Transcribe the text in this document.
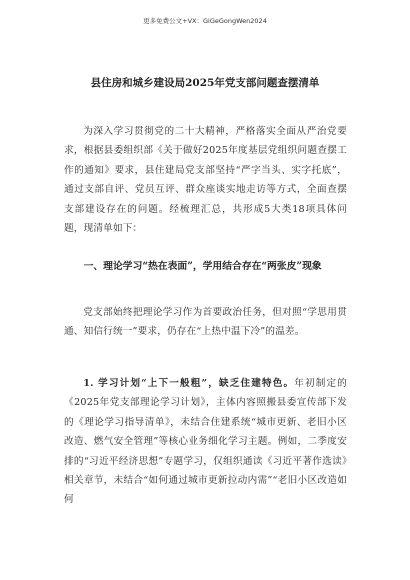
更多免费公文+VX：GiGeGongWen2024
县住房和城乡建设局2025年党支部问题查摆清单

为深入学习贯彻党的二十大精神，严格落实全面从严治党要求，根据县委组织部《关于做好2025年度基层党组织问题查摆工作的通知》要求，县住建局党支部坚持“严字当头、实字托底”，通过支部自评、党员互评、群众座谈实地走访等方式，全面查摆支部建设存在的问题。经梳理汇总，共形成5大类18项具体问题，现清单如下：

一、理论学习“热在表面”，学用结合存在“两张皮”现象

党支部始终把理论学习作为首要政治任务，但对照“学思用贯通、知信行统一”要求，仍存在“上热中温下冷”的温差。

1. 学习计划“上下一般粗”，缺乏住建特色。年初制定的《2025年党支部理论学习计划》，主体内容照搬县委宣传部下发的《理论学习指导清单》，未结合住建系统“城市更新、老旧小区改造、燃气安全管理”等核心业务细化学习主题。例如，二季度安排的“习近平经济思想”专题学习，仅组织通读《习近平著作选读》相关章节，未结合“如何通过城市更新拉动内需”“老旧小区改造如何
